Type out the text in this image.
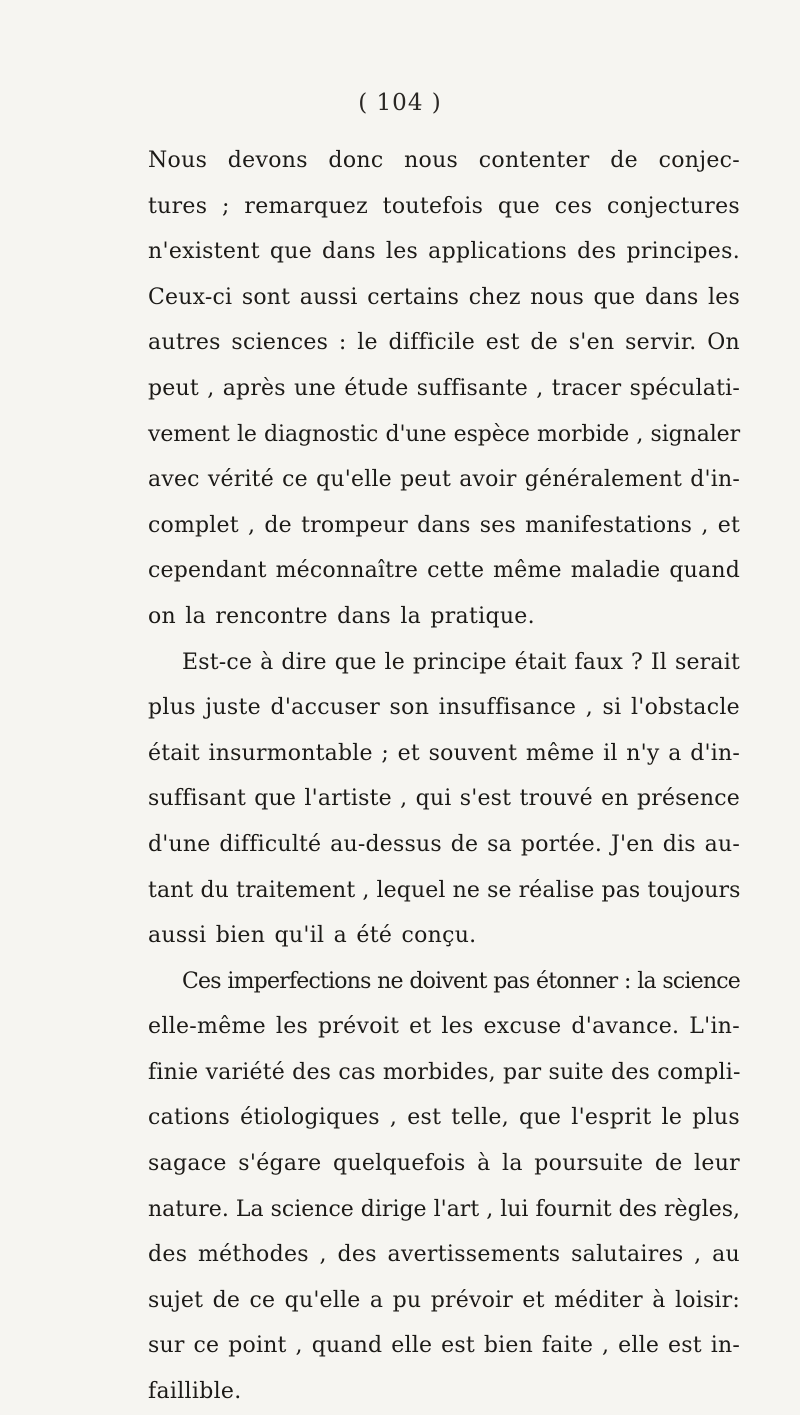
( 104 )
Nous devons donc nous contenter de conjec-
tures ; remarquez toutefois que ces conjectures
n'existent que dans les applications des principes.
Ceux-ci sont aussi certains chez nous que dans les
autres sciences : le difficile est de s'en servir. On
peut , après une étude suffisante , tracer spéculati-
vement le diagnostic d'une espèce morbide , signaler
avec vérité ce qu'elle peut avoir généralement d'in-
complet , de trompeur dans ses manifestations , et
cependant méconnaître cette même maladie quand
on la rencontre dans la pratique.
Est-ce à dire que le principe était faux ? Il serait
plus juste d'accuser son insuffisance , si l'obstacle
était insurmontable ; et souvent même il n'y a d'in-
suffisant que l'artiste , qui s'est trouvé en présence
d'une difficulté au-dessus de sa portée. J'en dis au-
tant du traitement , lequel ne se réalise pas toujours
aussi bien qu'il a été conçu.
Ces imperfections ne doivent pas étonner : la science
elle-même les prévoit et les excuse d'avance. L'in-
finie variété des cas morbides, par suite des compli-
cations étiologiques , est telle, que l'esprit le plus
sagace s'égare quelquefois à la poursuite de leur
nature. La science dirige l'art , lui fournit des règles,
des méthodes , des avertissements salutaires , au
sujet de ce qu'elle a pu prévoir et méditer à loisir:
sur ce point , quand elle est bien faite , elle est in-
faillible.
